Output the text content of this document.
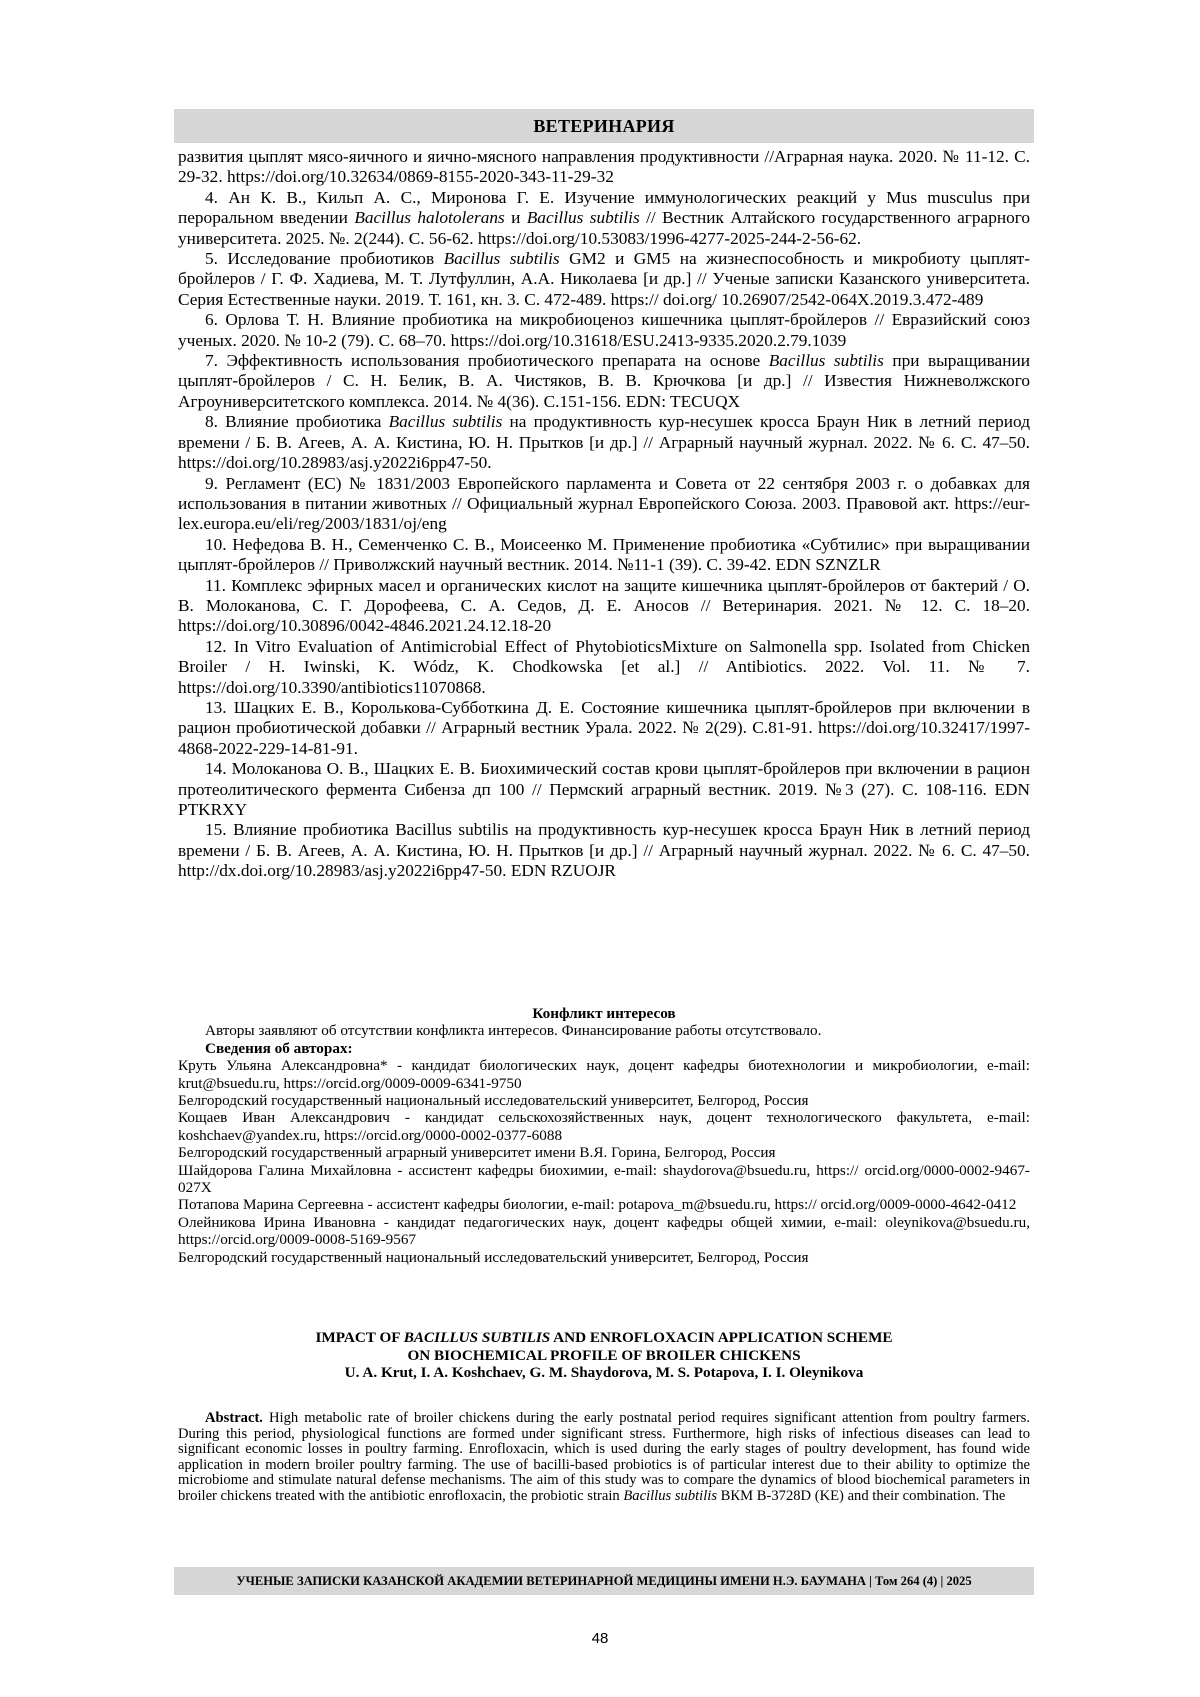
ВЕТЕРИНАРИЯ

развития цыплят мясо-яичного и яично-мясного направления продуктивности //Аграрная наука. 2020. № 11-12. С. 29-32. https://doi.org/10.32634/0869-8155-2020-343-11-29-32

4. Ан К. В., Кильп А. С., Миронова Г. Е. Изучение иммунологических реакций у Mus musculus при пероральном введении Bacillus halotolerans и Bacillus subtilis // Вестник Алтайского государственного аграрного университета. 2025. №. 2(244). С. 56-62. https://doi.org/10.53083/1996-4277-2025-244-2-56-62.

5. Исследование пробиотиков Bacillus subtilis GM2 и GM5 на жизнеспособность и микробиоту цыплят-бройлеров / Г. Ф. Хадиева, М. Т. Лутфуллин, А.А. Николаева [и др.] // Ученые записки Казанского университета. Серия Естественные науки. 2019. Т. 161, кн. 3. С. 472-489. https:// doi.org/ 10.26907/2542-064X.2019.3.472-489

6. Орлова Т. Н. Влияние пробиотика на микробиоценоз кишечника цыплят-бройлеров // Евразийский союз ученых. 2020. № 10-2 (79). С. 68–70. https://doi.org/10.31618/ESU.2413-9335.2020.2.79.1039

7. Эффективность использования пробиотического препарата на основе Bacillus subtilis при выращивании цыплят-бройлеров / С. Н. Белик, В. А. Чистяков, В. В. Крючкова [и др.] // Известия Нижневолжского Агроуниверситетского комплекса. 2014. № 4(36). С.151-156. EDN: TECUQX

8. Влияние пробиотика Bacillus subtilis на продуктивность кур-несушек кросса Браун Ник в летний период времени / Б. В. Агеев, А. А. Кистина, Ю. Н. Прытков [и др.] // Аграрный научный журнал. 2022. № 6. С. 47–50. https://doi.org/10.28983/asj.y2022i6pp47-50.

9. Регламент (ЕС) № 1831/2003 Европейского парламента и Совета от 22 сентября 2003 г. о добавках для использования в питании животных // Официальный журнал Европейского Союза. 2003. Правовой акт. https://eur-lex.europa.eu/eli/reg/2003/1831/oj/eng

10. Нефедова В. Н., Семенченко С. В., Моисеенко М. Применение пробиотика «Субтилис» при выращивании цыплят-бройлеров // Приволжский научный вестник. 2014. №11-1 (39). С. 39-42. EDN SZNZLR

11. Комплекс эфирных масел и органических кислот на защите кишечника цыплят-бройлеров от бактерий / О. В. Молоканова, С. Г. Дорофеева, С. А. Седов, Д. Е. Аносов // Ветеринария. 2021. № 12. С. 18–20. https://doi.org/10.30896/0042-4846.2021.24.12.18-20

12. In Vitro Evaluation of Antimicrobial Effect of PhytobioticsMixture on Salmonella spp. Isolated from Chicken Broiler / H. Iwinski, K. Wódz, K. Chodkowska [et al.] // Antibiotics. 2022. Vol. 11. № 7. https://doi.org/10.3390/antibiotics11070868.

13. Шацких Е. В., Королькова-Субботкина Д. Е. Состояние кишечника цыплят-бройлеров при включении в рацион пробиотической добавки // Аграрный вестник Урала. 2022. № 2(29). С.81-91. https://doi.org/10.32417/1997-4868-2022-229-14-81-91.

14. Молоканова О. В., Шацких Е. В. Биохимический состав крови цыплят-бройлеров при включении в рацион протеолитического фермента Сибенза дп 100 // Пермский аграрный вестник. 2019. №3 (27). С. 108-116. EDN PTKRXY

15. Влияние пробиотика Bacillus subtilis на продуктивность кур-несушек кросса Браун Ник в летний период времени / Б. В. Агеев, А. А. Кистина, Ю. Н. Прытков [и др.] // Аграрный научный журнал. 2022. № 6. С. 47–50. http://dx.doi.org/10.28983/asj.y2022i6pp47-50. EDN RZUOJR

Конфликт интересов

Авторы заявляют об отсутствии конфликта интересов. Финансирование работы отсутствовало.

Сведения об авторах:

Круть Ульяна Александровна* - кандидат биологических наук, доцент кафедры биотехнологии и микробиологии, e-mail: krut@bsuedu.ru, https://orcid.org/0009-0009-6341-9750

Белгородский государственный национальный исследовательский университет, Белгород, Россия

Кощаев Иван Александрович - кандидат сельскохозяйственных наук, доцент технологического факультета, e-mail: koshchaev@yandex.ru, https://orcid.org/0000-0002-0377-6088

Белгородский государственный аграрный университет имени В.Я. Горина, Белгород, Россия

Шайдорова Галина Михайловна - ассистент кафедры биохимии, e-mail: shaydorova@bsuedu.ru, https:// orcid.org/0000-0002-9467-027X

Потапова Марина Сергеевна - ассистент кафедры биологии, e-mail: potapova_m@bsuedu.ru, https:// orcid.org/0009-0000-4642-0412

Олейникова Ирина Ивановна - кандидат педагогических наук, доцент кафедры общей химии, e-mail: oleynikova@bsuedu.ru, https://orcid.org/0009-0008-5169-9567

Белгородский государственный национальный исследовательский университет, Белгород, Россия

IMPACT OF BACILLUS SUBTILIS AND ENROFLOXACIN APPLICATION SCHEME

ON BIOCHEMICAL PROFILE OF BROILER CHICKENS

U. A. Krut, I. A. Koshchaev, G. M. Shaydorova, M. S. Potapova, I. I. Oleynikova

Abstract. High metabolic rate of broiler chickens during the early postnatal period requires significant attention from poultry farmers. During this period, physiological functions are formed under significant stress. Furthermore, high risks of infectious diseases can lead to significant economic losses in poultry farming. Enrofloxacin, which is used during the early stages of poultry development, has found wide application in modern broiler poultry farming. The use of bacilli-based probiotics is of particular interest due to their ability to optimize the microbiome and stimulate natural defense mechanisms. The aim of this study was to compare the dynamics of blood biochemical parameters in broiler chickens treated with the antibiotic enrofloxacin, the probiotic strain Bacillus subtilis ВКМ B-3728D (KE) and their combination. The

УЧЕНЫЕ ЗАПИСКИ КАЗАНСКОЙ АКАДЕМИИ ВЕТЕРИНАРНОЙ МЕДИЦИНЫ ИМЕНИ Н.Э. БАУМАНА | Том 264 (4) | 2025
48
